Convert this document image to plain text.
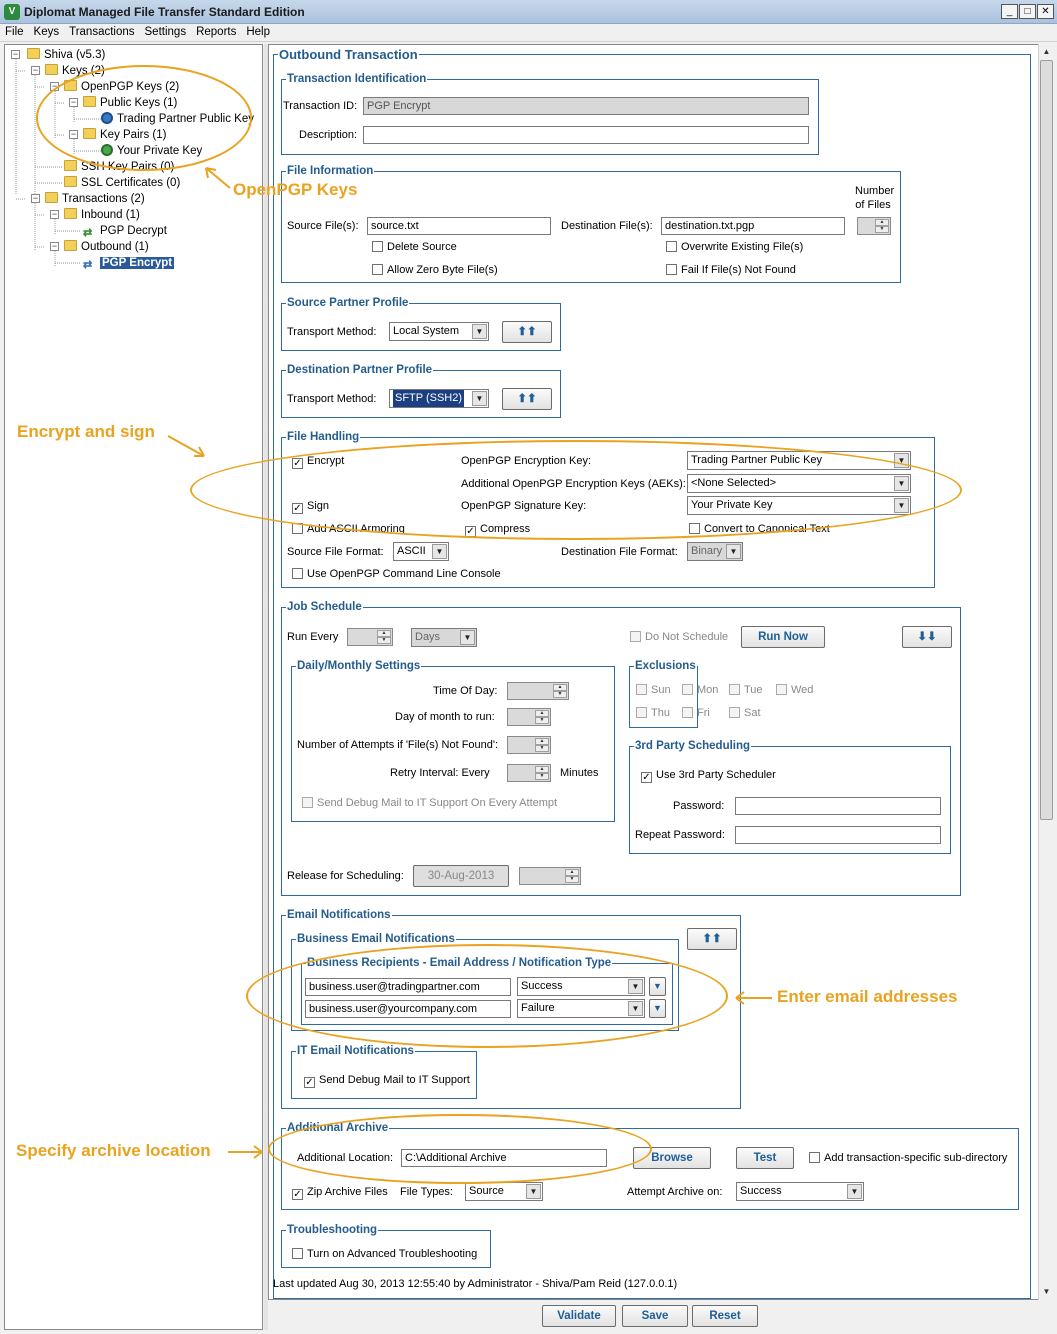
V Diplomat Managed File Transfer Standard Edition	_	□	✕
File Keys Transactions Settings Reports Help
− Shiva (v5.3)
− Keys (2)
− OpenPGP Keys (2)
− Public Keys (1)
Trading Partner Public Key
− Key Pairs (1)
Your Private Key
SSH Key Pairs (0)
SSL Certificates (0)
− Transactions (2)
− Inbound (1)
⇄ PGP Decrypt
− Outbound (1)
⇄ PGP Encrypt
Outbound Transaction
Transaction Identification
Transaction ID: PGP Encrypt
Description:
File Information
Source File(s):	source.txt	Destination File(s):	destination.txt.pgp
Number
of Files
▲
▼
Delete Source
Allow Zero Byte File(s)
Overwrite Existing File(s)
Fail If File(s) Not Found
Source Partner Profile
Transport Method:	Local System	▼	⬆⬆
Destination Partner Profile
Transport Method:	SFTP (SSH2)	▼	⬆⬆
File Handling
✓ Encrypt	OpenPGP Encryption Key:	Trading Partner Public Key	▼
Additional OpenPGP Encryption Keys (AEKs): <None Selected>	▼
✓ Sign	OpenPGP Signature Key:	Your Private Key	▼
Add ASCII Armoring	✓ Compress	Convert to Canonical Text
Source File Format:	ASCII	▼	Destination File Format:	Binary ▼
Use OpenPGP Command Line Console
Job Schedule
Run Every	▲
▼	Days	▼	Do Not Schedule	Run Now	⬇⬇
Daily/Monthly Settings
Time Of Day:	▲
▼
Day of month to run:	▲
▼
Number of Attempts if 'File(s) Not Found':	▲
▼
Retry Interval: Every	▲
▼	Minutes
Send Debug Mail to IT Support On Every Attempt
Exclusions
Sun	Mon	Tue	Wed
Thu	Fri	Sat
3rd Party Scheduling
✓ Use 3rd Party Scheduler
Password:
Repeat Password:
Release for Scheduling:	30-Aug-2013	▲
▼
Email Notifications
Business Email Notifications	⬆⬆
Business Recipients - Email Address / Notification Type
business.user@tradingpartner.com	Success	▼	▼
business.user@yourcompany.com	Failure	▼	▼
IT Email Notifications
✓ Send Debug Mail to IT Support
Additional Archive
Additional Location:	C:\Additional Archive	Browse	Test	Add transaction-specific sub-directory
✓ Zip Archive Files File Types:	Source	▼	Attempt Archive on:	Success	▼
Troubleshooting
Turn on Advanced Troubleshooting
Last updated Aug 30, 2013 12:55:40 by Administrator - Shiva/Pam Reid (127.0.0.1)
▲
▼
Validate	Save	Reset
OpenPGP Keys
Encrypt and sign
Enter email addresses
Specify archive location
